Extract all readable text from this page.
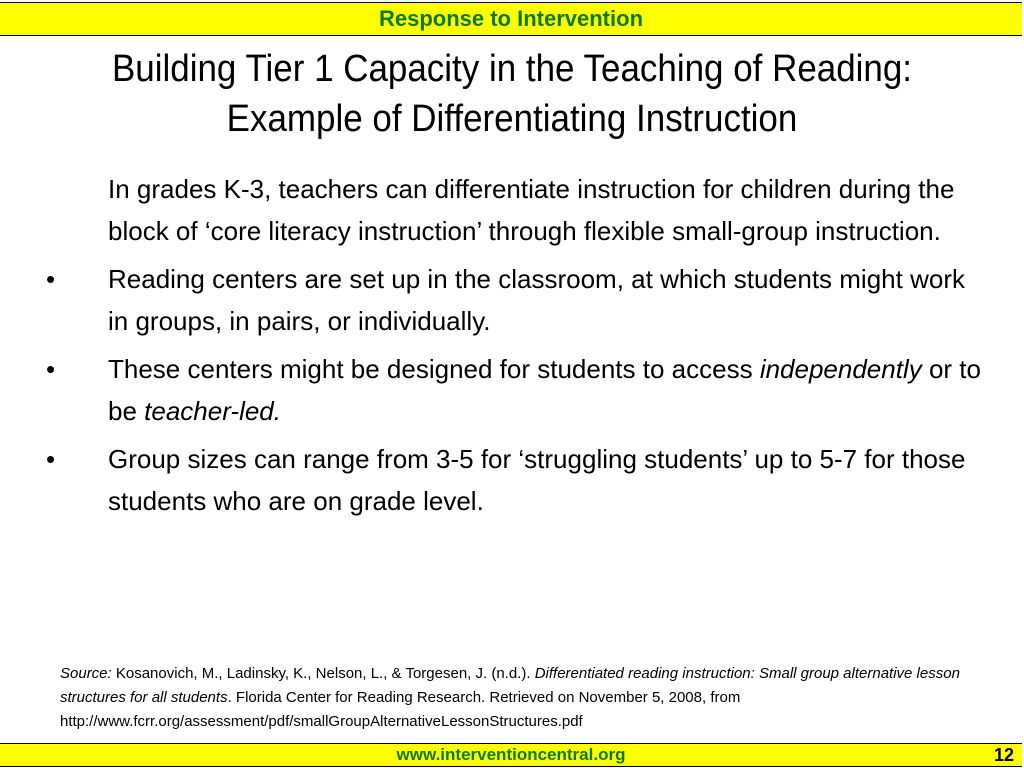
Response to Intervention
Building Tier 1 Capacity in the Teaching of Reading:
Example of Differentiating Instruction

In grades K-3, teachers can differentiate instruction for children during the block of ‘core literacy instruction’ through flexible small-group instruction.

•	Reading centers are set up in the classroom, at which students might work in groups, in pairs, or individually.
•	These centers might be designed for students to access independently or to be teacher-led.
•	Group sizes can range from 3-5 for ‘struggling students’ up to 5-7 for those students who are on grade level.
Source: Kosanovich, M., Ladinsky, K., Nelson, L., & Torgesen, J. (n.d.). Differentiated reading instruction: Small group alternative lesson structures for all students. Florida Center for Reading Research. Retrieved on November 5, 2008, from http://www.fcrr.org/assessment/pdf/smallGroupAlternativeLessonStructures.pdf
www.interventioncentral.org	12
